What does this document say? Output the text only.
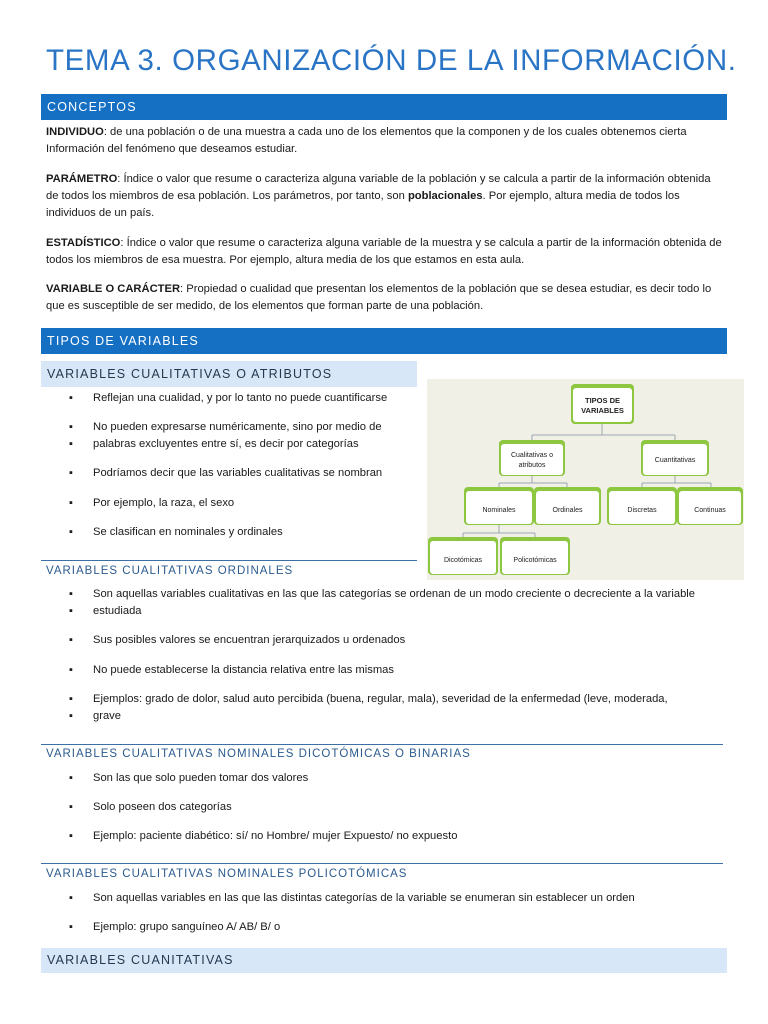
TEMA 3. ORGANIZACIÓN DE LA INFORMACIÓN.
CONCEPTOS

INDIVIDUO: de una población o de una muestra a cada uno de los elementos que la componen y de los cuales obtenemos cierta Información del fenómeno que deseamos estudiar.

PARÁMETRO: Índice o valor que resume o caracteriza alguna variable de la población y se calcula a partir de la información obtenida de todos los miembros de esa población. Los parámetros, por tanto, son poblacionales. Por ejemplo, altura media de todos los individuos de un país.

ESTADÍSTICO: Índice o valor que resume o caracteriza alguna variable de la muestra y se calcula a partir de la información obtenida de todos los miembros de esa muestra. Por ejemplo, altura media de los que estamos en esta aula.

VARIABLE O CARÁCTER: Propiedad o cualidad que presentan los elementos de la población que se desea estudiar, es decir todo lo que es susceptible de ser medido, de los elementos que forman parte de una población.

TIPOS DE VARIABLES
VARIABLES CUALITATIVAS O ATRIBUTOS
▪ Reflejan una cualidad, y por lo tanto no puede cuantificarse
▪ No pueden expresarse numéricamente, sino por medio de
▪ palabras excluyentes entre sí, es decir por categorías
▪ Podríamos decir que las variables cualitativas se nombran
▪ Por ejemplo, la raza, el sexo
▪ Se clasifican en nominales y ordinales
TIPOS DE
VARIABLES
Cualitativas o
atributos
Cuantitativas
Nominales	Ordinales	Discretas	Continuas
Dicotómicas	Policotómicas
VARIABLES CUALITATIVAS ORDINALES
▪ Son aquellas variables cualitativas en las que las categorías se ordenan de un modo creciente o decreciente a la variable
▪ estudiada
▪ Sus posibles valores se encuentran jerarquizados u ordenados
▪ No puede establecerse la distancia relativa entre las mismas
▪ Ejemplos: grado de dolor, salud auto percibida (buena, regular, mala), severidad de la enfermedad (leve, moderada,
▪ grave
VARIABLES CUALITATIVAS NOMINALES DICOTÓMICAS O BINARIAS
▪ Son las que solo pueden tomar dos valores
▪ Solo poseen dos categorías
▪ Ejemplo: paciente diabético: sí/ no Hombre/ mujer Expuesto/ no expuesto
VARIABLES CUALITATIVAS NOMINALES POLICOTÓMICAS
▪ Son aquellas variables en las que las distintas categorías de la variable se enumeran sin establecer un orden
▪ Ejemplo: grupo sanguíneo A/ AB/ B/ o
VARIABLES CUANITATIVAS
